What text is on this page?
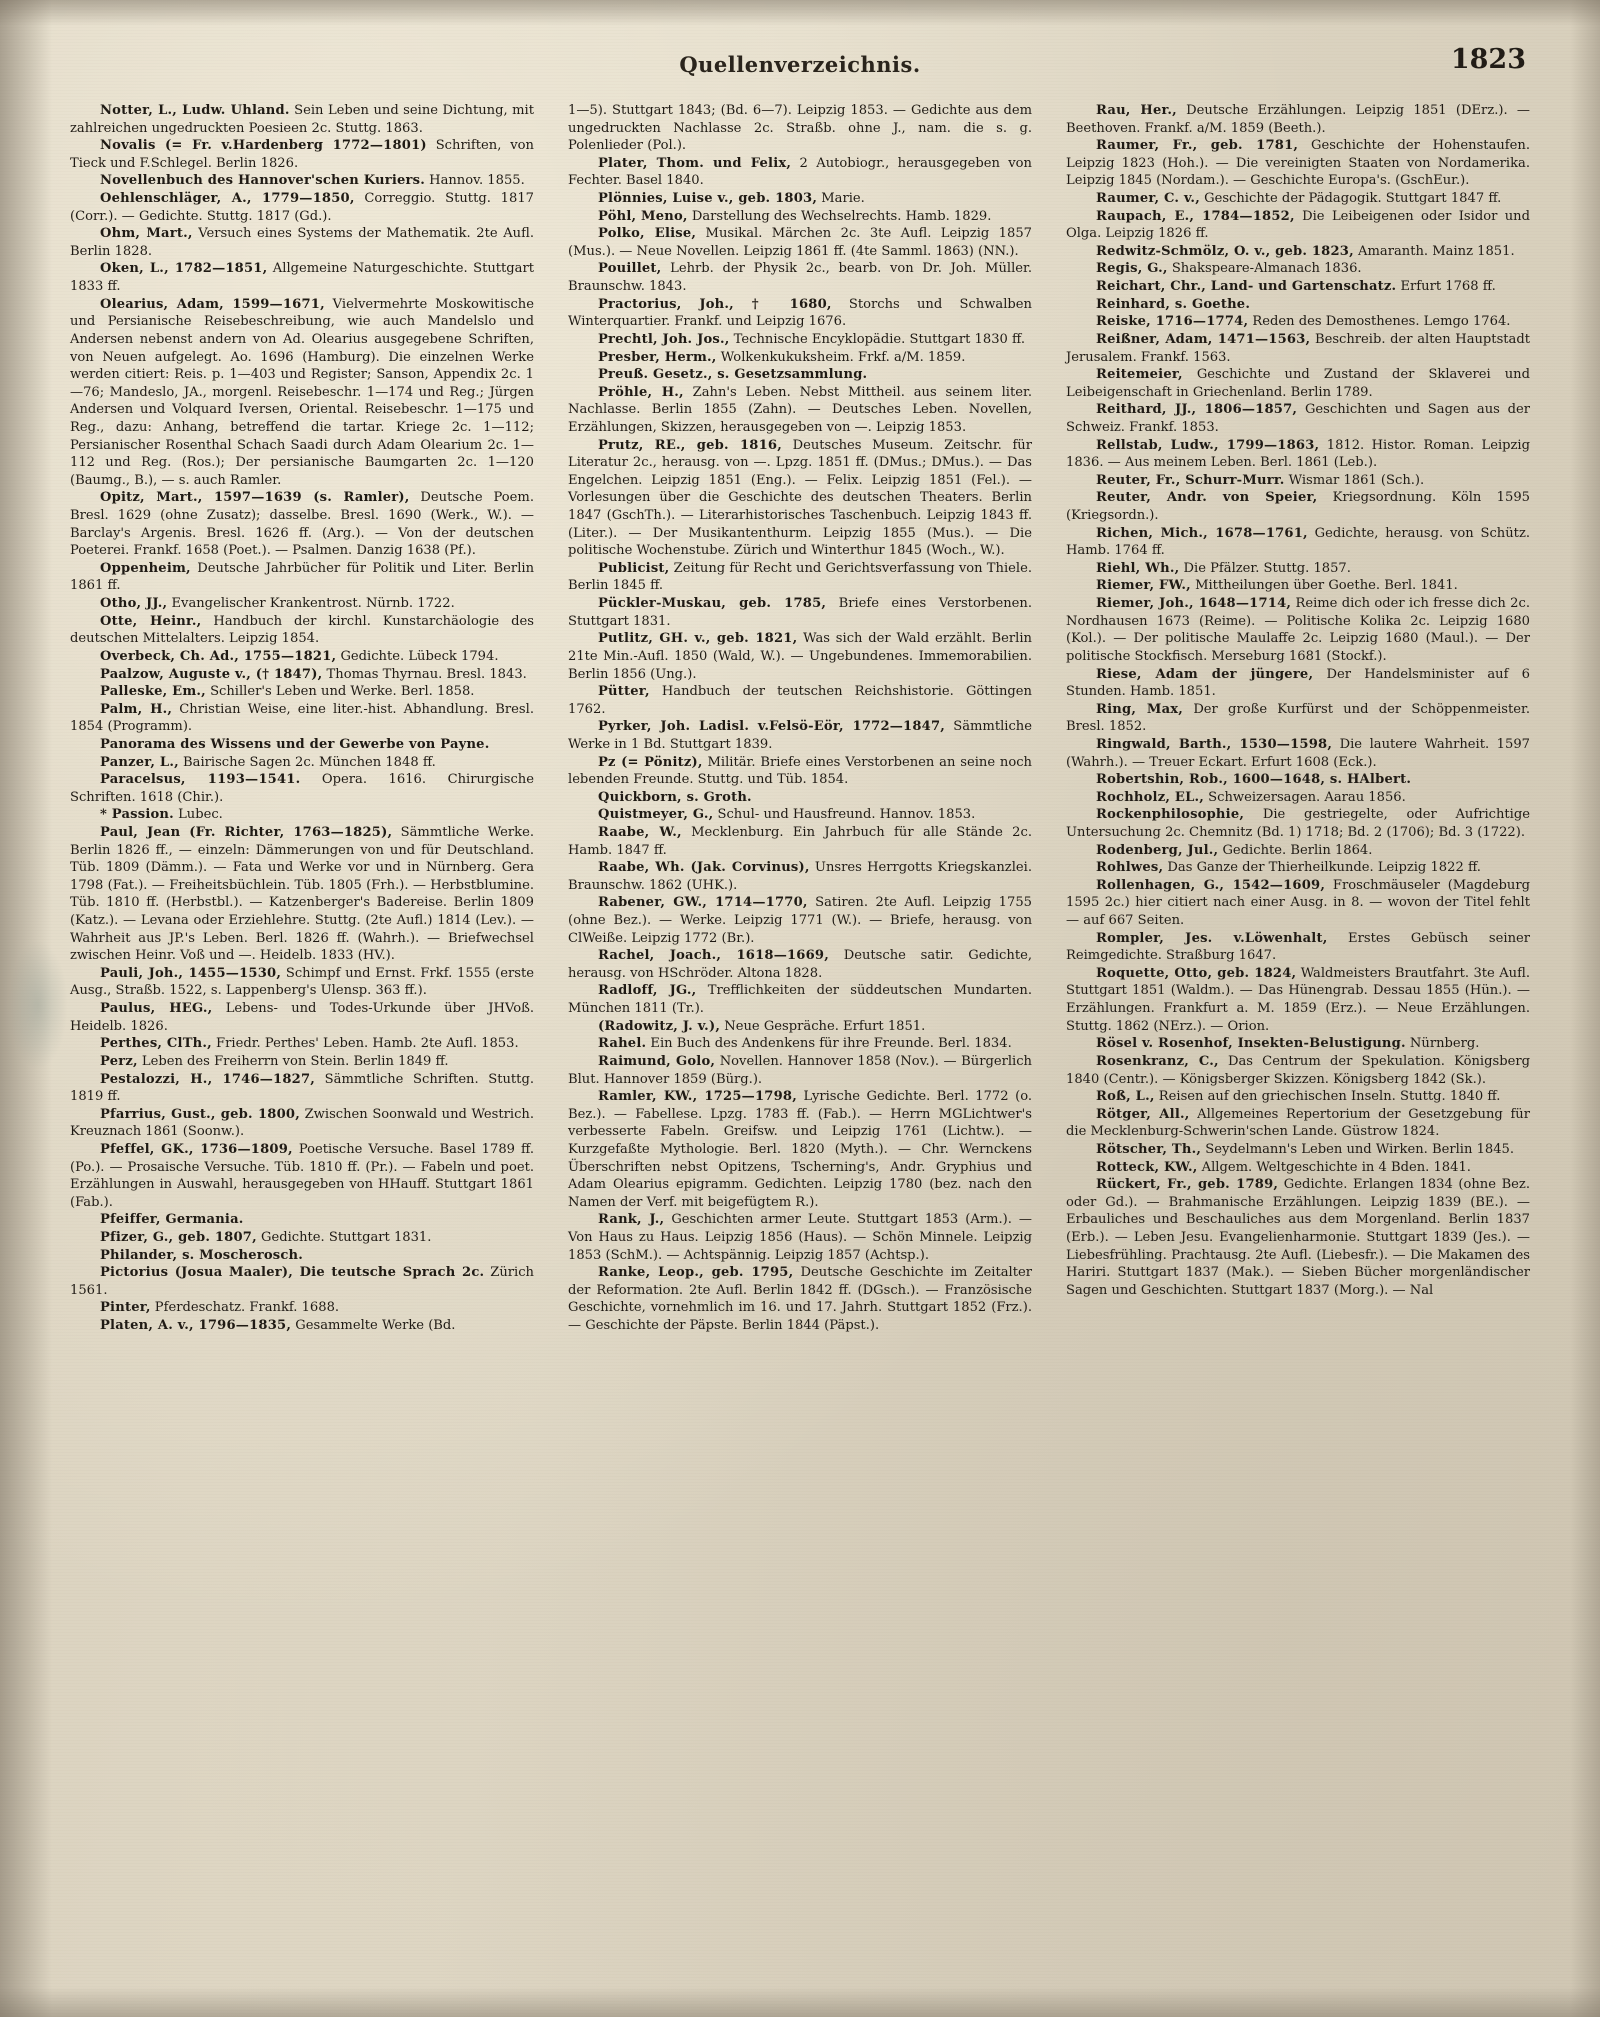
Quellenverzeichnis.	1823

Notter, L., Ludw. Uhland. Sein Leben und seine Dichtung, mit zahlreichen ungedruckten Poesieen 2c. Stuttg. 1863.

Novalis (= Fr. v.Hardenberg 1772—1801) Schriften, von Tieck und F.Schlegel. Berlin 1826.

Novellenbuch des Hannover'schen Kuriers. Hannov. 1855.

Oehlenschläger, A., 1779—1850, Correggio. Stuttg. 1817 (Corr.). — Gedichte. Stuttg. 1817 (Gd.).

Ohm, Mart., Versuch eines Systems der Mathematik. 2te Aufl. Berlin 1828.

Oken, L., 1782—1851, Allgemeine Naturgeschichte. Stuttgart 1833 ff.

Olearius, Adam, 1599—1671, Vielvermehrte Moskowitische und Persianische Reisebeschreibung, wie auch Mandelslo und Andersen nebenst andern von Ad. Olearius ausgegebene Schriften, von Neuen aufgelegt. Ao. 1696 (Hamburg). Die einzelnen Werke werden citiert: Reis. p. 1—403 und Register; Sanson, Appendix 2c. 1—76; Mandeslo, JA., morgenl. Reisebeschr. 1—174 und Reg.; Jürgen Andersen und Volquard Iversen, Oriental. Reisebeschr. 1—175 und Reg., dazu: Anhang, betreffend die tartar. Kriege 2c. 1—112; Persianischer Rosenthal Schach Saadi durch Adam Olearium 2c. 1—112 und Reg. (Ros.); Der persianische Baumgarten 2c. 1—120 (Baumg., B.), — s. auch Ramler.

Opitz, Mart., 1597—1639 (s. Ramler), Deutsche Poem. Bresl. 1629 (ohne Zusatz); dasselbe. Bresl. 1690 (Werk., W.). — Barclay's Argenis. Bresl. 1626 ff. (Arg.). — Von der deutschen Poeterei. Frankf. 1658 (Poet.). — Psalmen. Danzig 1638 (Pf.).

Oppenheim, Deutsche Jahrbücher für Politik und Liter. Berlin 1861 ff.

Otho, JJ., Evangelischer Krankentrost. Nürnb. 1722.

Otte, Heinr., Handbuch der kirchl. Kunstarchäologie des deutschen Mittelalters. Leipzig 1854.

Overbeck, Ch. Ad., 1755—1821, Gedichte. Lübeck 1794.

Paalzow, Auguste v., († 1847), Thomas Thyrnau. Bresl. 1843.

Palleske, Em., Schiller's Leben und Werke. Berl. 1858.

Palm, H., Christian Weise, eine liter.-hist. Abhandlung. Bresl. 1854 (Programm).

Panorama des Wissens und der Gewerbe von Payne.

Panzer, L., Bairische Sagen 2c. München 1848 ff.

Paracelsus, 1193—1541. Opera. 1616. Chirurgische Schriften. 1618 (Chir.).

* Passion. Lubec.

Paul, Jean (Fr. Richter, 1763—1825), Sämmtliche Werke. Berlin 1826 ff., — einzeln: Dämmerungen von und für Deutschland. Tüb. 1809 (Dämm.). — Fata und Werke vor und in Nürnberg. Gera 1798 (Fat.). — Freiheitsbüchlein. Tüb. 1805 (Frh.). — Herbstblumine. Tüb. 1810 ff. (Herbstbl.). — Katzenberger's Badereise. Berlin 1809 (Katz.). — Levana oder Erziehlehre. Stuttg. (2te Aufl.) 1814 (Lev.). — Wahrheit aus JP.'s Leben. Berl. 1826 ff. (Wahrh.). — Briefwechsel zwischen Heinr. Voß und —. Heidelb. 1833 (HV.).

Pauli, Joh., 1455—1530, Schimpf und Ernst. Frkf. 1555 (erste Ausg., Straßb. 1522, s. Lappenberg's Ulensp. 363 ff.).

Paulus, HEG., Lebens- und Todes-Urkunde über JHVoß. Heidelb. 1826.

Perthes, ClTh., Friedr. Perthes' Leben. Hamb. 2te Aufl. 1853.

Perz, Leben des Freiherrn von Stein. Berlin 1849 ff.

Pestalozzi, H., 1746—1827, Sämmtliche Schriften. Stuttg. 1819 ff.

Pfarrius, Gust., geb. 1800, Zwischen Soonwald und Westrich. Kreuznach 1861 (Soonw.).

Pfeffel, GK., 1736—1809, Poetische Versuche. Basel 1789 ff. (Po.). — Prosaische Versuche. Tüb. 1810 ff. (Pr.). — Fabeln und poet. Erzählungen in Auswahl, herausgegeben von HHauff. Stuttgart 1861 (Fab.).

Pfeiffer, Germania.

Pfizer, G., geb. 1807, Gedichte. Stuttgart 1831.

Philander, s. Moscherosch.

Pictorius (Josua Maaler), Die teutsche Sprach 2c. Zürich 1561.

Pinter, Pferdeschatz. Frankf. 1688.

Platen, A. v., 1796—1835, Gesammelte Werke (Bd.

1—5). Stuttgart 1843; (Bd. 6—7). Leipzig 1853. — Gedichte aus dem ungedruckten Nachlasse 2c. Straßb. ohne J., nam. die s. g. Polenlieder (Pol.).

Plater, Thom. und Felix, 2 Autobiogr., herausgegeben von Fechter. Basel 1840.

Plönnies, Luise v., geb. 1803, Marie.

Pöhl, Meno, Darstellung des Wechselrechts. Hamb. 1829.

Polko, Elise, Musikal. Märchen 2c. 3te Aufl. Leipzig 1857 (Mus.). — Neue Novellen. Leipzig 1861 ff. (4te Samml. 1863) (NN.).

Pouillet, Lehrb. der Physik 2c., bearb. von Dr. Joh. Müller. Braunschw. 1843.

Practorius, Joh., † 1680, Storchs und Schwalben Winterquartier. Frankf. und Leipzig 1676.

Prechtl, Joh. Jos., Technische Encyklopädie. Stuttgart 1830 ff.

Presber, Herm., Wolkenkukuksheim. Frkf. a/M. 1859.

Preuß. Gesetz., s. Gesetzsammlung.

Pröhle, H., Zahn's Leben. Nebst Mittheil. aus seinem liter. Nachlasse. Berlin 1855 (Zahn). — Deutsches Leben. Novellen, Erzählungen, Skizzen, herausgegeben von —. Leipzig 1853.

Prutz, RE., geb. 1816, Deutsches Museum. Zeitschr. für Literatur 2c., herausg. von —. Lpzg. 1851 ff. (DMus.; DMus.). — Das Engelchen. Leipzig 1851 (Eng.). — Felix. Leipzig 1851 (Fel.). — Vorlesungen über die Geschichte des deutschen Theaters. Berlin 1847 (GschTh.). — Literarhistorisches Taschenbuch. Leipzig 1843 ff. (Liter.). — Der Musikantenthurm. Leipzig 1855 (Mus.). — Die politische Wochenstube. Zürich und Winterthur 1845 (Woch., W.).

Publicist, Zeitung für Recht und Gerichtsverfassung von Thiele. Berlin 1845 ff.

Pückler-Muskau, geb. 1785, Briefe eines Verstorbenen. Stuttgart 1831.

Putlitz, GH. v., geb. 1821, Was sich der Wald erzählt. Berlin 21te Min.-Aufl. 1850 (Wald, W.). — Ungebundenes. Immemorabilien. Berlin 1856 (Ung.).

Pütter, Handbuch der teutschen Reichshistorie. Göttingen 1762.

Pyrker, Joh. Ladisl. v.Felsö-Eör, 1772—1847, Sämmtliche Werke in 1 Bd. Stuttgart 1839.

Pz (= Pönitz), Militär. Briefe eines Verstorbenen an seine noch lebenden Freunde. Stuttg. und Tüb. 1854.

Quickborn, s. Groth.

Quistmeyer, G., Schul- und Hausfreund. Hannov. 1853.

Raabe, W., Mecklenburg. Ein Jahrbuch für alle Stände 2c. Hamb. 1847 ff.

Raabe, Wh. (Jak. Corvinus), Unsres Herrgotts Kriegskanzlei. Braunschw. 1862 (UHK.).

Rabener, GW., 1714—1770, Satiren. 2te Aufl. Leipzig 1755 (ohne Bez.). — Werke. Leipzig 1771 (W.). — Briefe, herausg. von ClWeiße. Leipzig 1772 (Br.).

Rachel, Joach., 1618—1669, Deutsche satir. Gedichte, herausg. von HSchröder. Altona 1828.

Radloff, JG., Trefflichkeiten der süddeutschen Mundarten. München 1811 (Tr.).

(Radowitz, J. v.), Neue Gespräche. Erfurt 1851.

Rahel. Ein Buch des Andenkens für ihre Freunde. Berl. 1834.

Raimund, Golo, Novellen. Hannover 1858 (Nov.). — Bürgerlich Blut. Hannover 1859 (Bürg.).

Ramler, KW., 1725—1798, Lyrische Gedichte. Berl. 1772 (o. Bez.). — Fabellese. Lpzg. 1783 ff. (Fab.). — Herrn MGLichtwer's verbesserte Fabeln. Greifsw. und Leipzig 1761 (Lichtw.). — Kurzgefaßte Mythologie. Berl. 1820 (Myth.). — Chr. Wernckens Überschriften nebst Opitzens, Tscherning's, Andr. Gryphius und Adam Olearius epigramm. Gedichten. Leipzig 1780 (bez. nach den Namen der Verf. mit beigefügtem R.).

Rank, J., Geschichten armer Leute. Stuttgart 1853 (Arm.). — Von Haus zu Haus. Leipzig 1856 (Haus). — Schön Minnele. Leipzig 1853 (SchM.). — Achtspännig. Leipzig 1857 (Achtsp.).

Ranke, Leop., geb. 1795, Deutsche Geschichte im Zeitalter der Reformation. 2te Aufl. Berlin 1842 ff. (DGsch.). — Französische Geschichte, vornehmlich im 16. und 17. Jahrh. Stuttgart 1852 (Frz.). — Geschichte der Päpste. Berlin 1844 (Päpst.).

Rau, Her., Deutsche Erzählungen. Leipzig 1851 (DErz.). — Beethoven. Frankf. a/M. 1859 (Beeth.).

Raumer, Fr., geb. 1781, Geschichte der Hohenstaufen. Leipzig 1823 (Hoh.). — Die vereinigten Staaten von Nordamerika. Leipzig 1845 (Nordam.). — Geschichte Europa's. (GschEur.).

Raumer, C. v., Geschichte der Pädagogik. Stuttgart 1847 ff.

Raupach, E., 1784—1852, Die Leibeigenen oder Isidor und Olga. Leipzig 1826 ff.

Redwitz-Schmölz, O. v., geb. 1823, Amaranth. Mainz 1851.

Regis, G., Shakspeare-Almanach 1836.

Reichart, Chr., Land- und Gartenschatz. Erfurt 1768 ff.

Reinhard, s. Goethe.

Reiske, 1716—1774, Reden des Demosthenes. Lemgo 1764.

Reißner, Adam, 1471—1563, Beschreib. der alten Hauptstadt Jerusalem. Frankf. 1563.

Reitemeier, Geschichte und Zustand der Sklaverei und Leibeigenschaft in Griechenland. Berlin 1789.

Reithard, JJ., 1806—1857, Geschichten und Sagen aus der Schweiz. Frankf. 1853.

Rellstab, Ludw., 1799—1863, 1812. Histor. Roman. Leipzig 1836. — Aus meinem Leben. Berl. 1861 (Leb.).

Reuter, Fr., Schurr-Murr. Wismar 1861 (Sch.).

Reuter, Andr. von Speier, Kriegsordnung. Köln 1595 (Kriegsordn.).

Richen, Mich., 1678—1761, Gedichte, herausg. von Schütz. Hamb. 1764 ff.

Riehl, Wh., Die Pfälzer. Stuttg. 1857.

Riemer, FW., Mittheilungen über Goethe. Berl. 1841.

Riemer, Joh., 1648—1714, Reime dich oder ich fresse dich 2c. Nordhausen 1673 (Reime). — Politische Kolika 2c. Leipzig 1680 (Kol.). — Der politische Maulaffe 2c. Leipzig 1680 (Maul.). — Der politische Stockfisch. Merseburg 1681 (Stockf.).

Riese, Adam der jüngere, Der Handelsminister auf 6 Stunden. Hamb. 1851.

Ring, Max, Der große Kurfürst und der Schöppenmeister. Bresl. 1852.

Ringwald, Barth., 1530—1598, Die lautere Wahrheit. 1597 (Wahrh.). — Treuer Eckart. Erfurt 1608 (Eck.).

Robertshin, Rob., 1600—1648, s. HAlbert.

Rochholz, EL., Schweizersagen. Aarau 1856.

Rockenphilosophie, Die gestriegelte, oder Aufrichtige Untersuchung 2c. Chemnitz (Bd. 1) 1718; Bd. 2 (1706); Bd. 3 (1722).

Rodenberg, Jul., Gedichte. Berlin 1864.

Rohlwes, Das Ganze der Thierheilkunde. Leipzig 1822 ff.

Rollenhagen, G., 1542—1609, Froschmäuseler (Magdeburg 1595 2c.) hier citiert nach einer Ausg. in 8. — wovon der Titel fehlt — auf 667 Seiten.

Rompler, Jes. v.Löwenhalt, Erstes Gebüsch seiner Reimgedichte. Straßburg 1647.

Roquette, Otto, geb. 1824, Waldmeisters Brautfahrt. 3te Aufl. Stuttgart 1851 (Waldm.). — Das Hünengrab. Dessau 1855 (Hün.). — Erzählungen. Frankfurt a. M. 1859 (Erz.). — Neue Erzählungen. Stuttg. 1862 (NErz.). — Orion.

Rösel v. Rosenhof, Insekten-Belustigung. Nürnberg.

Rosenkranz, C., Das Centrum der Spekulation. Königsberg 1840 (Centr.). — Königsberger Skizzen. Königsberg 1842 (Sk.).

Roß, L., Reisen auf den griechischen Inseln. Stuttg. 1840 ff.

Rötger, All., Allgemeines Repertorium der Gesetzgebung für die Mecklenburg-Schwerin'schen Lande. Güstrow 1824.

Rötscher, Th., Seydelmann's Leben und Wirken. Berlin 1845.

Rotteck, KW., Allgem. Weltgeschichte in 4 Bden. 1841.

Rückert, Fr., geb. 1789, Gedichte. Erlangen 1834 (ohne Bez. oder Gd.). — Brahmanische Erzählungen. Leipzig 1839 (BE.). — Erbauliches und Beschauliches aus dem Morgenland. Berlin 1837 (Erb.). — Leben Jesu. Evangelienharmonie. Stuttgart 1839 (Jes.). — Liebesfrühling. Prachtausg. 2te Aufl. (Liebesfr.). — Die Makamen des Hariri. Stuttgart 1837 (Mak.). — Sieben Bücher morgenländischer Sagen und Geschichten. Stuttgart 1837 (Morg.). — Nal
